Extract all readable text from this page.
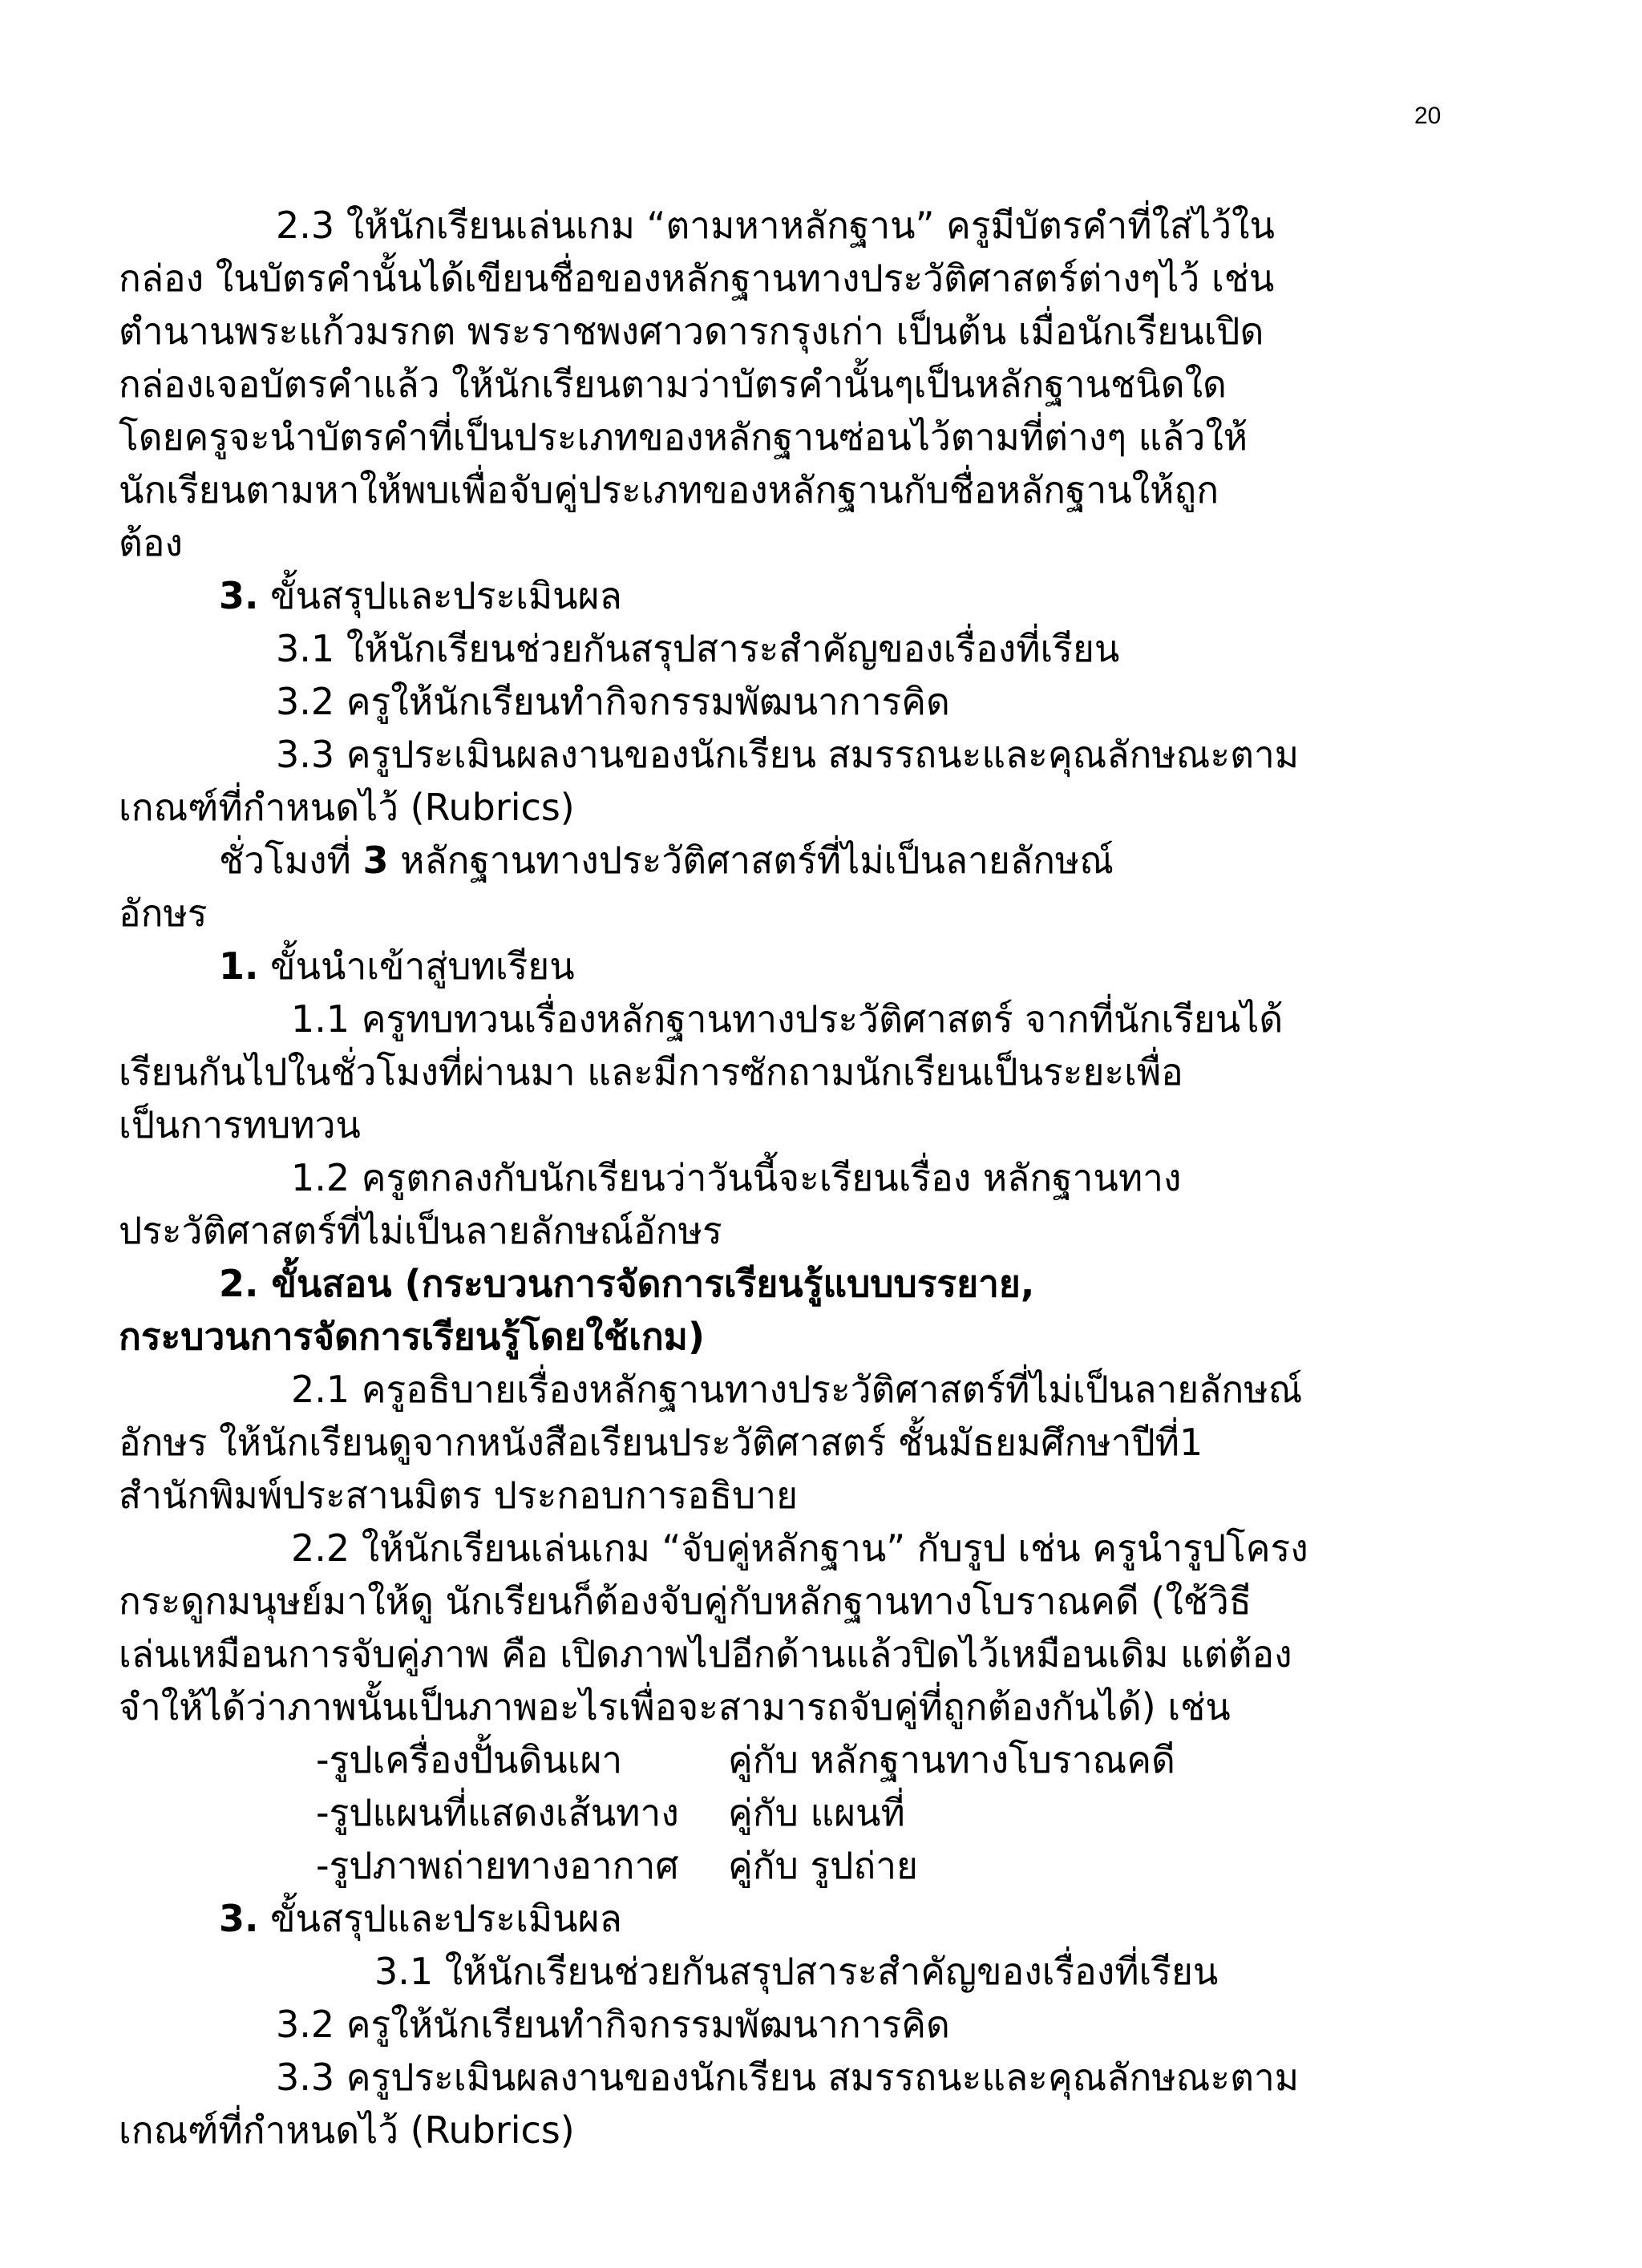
20
2.3 ให้นักเรียนเล่นเกม “ตามหาหลักฐาน” ครูมีบัตรคำที่ใส่ไว้ใน
กล่อง ในบัตรคำนั้นได้เขียนชื่อของหลักฐานทางประวัติศาสตร์ต่างๆไว้ เช่น
ตำนานพระแก้วมรกต พระราชพงศาวดารกรุงเก่า เป็นต้น เมื่อนักเรียนเปิด
กล่องเจอบัตรคำแล้ว ให้นักเรียนตามว่าบัตรคำนั้นๆเป็นหลักฐานชนิดใด
โดยครูจะนำบัตรคำที่เป็นประเภทของหลักฐานซ่อนไว้ตามที่ต่างๆ แล้วให้
นักเรียนตามหาให้พบเพื่อจับคู่ประเภทของหลักฐานกับชื่อหลักฐานให้ถูก
ต้อง
3. ขั้นสรุปและประเมินผล
3.1 ให้นักเรียนช่วยกันสรุปสาระสำคัญของเรื่องที่เรียน
3.2 ครูให้นักเรียนทำกิจกรรมพัฒนาการคิด
3.3 ครูประเมินผลงานของนักเรียน สมรรถนะและคุณลักษณะตาม
เกณฑ์ที่กำหนดไว้ (Rubrics)
ชั่วโมงที่ 3 หลักฐานทางประวัติศาสตร์ที่ไม่เป็นลายลักษณ์
อักษร
1. ขั้นนำเข้าสู่บทเรียน
1.1 ครูทบทวนเรื่องหลักฐานทางประวัติศาสตร์ จากที่นักเรียนได้
เรียนกันไปในชั่วโมงที่ผ่านมา และมีการซักถามนักเรียนเป็นระยะเพื่อ
เป็นการทบทวน
1.2 ครูตกลงกับนักเรียนว่าวันนี้จะเรียนเรื่อง หลักฐานทาง
ประวัติศาสตร์ที่ไม่เป็นลายลักษณ์อักษร
2. ขั้นสอน (กระบวนการจัดการเรียนรู้แบบบรรยาย,
กระบวนการจัดการเรียนรู้โดยใช้เกม)
2.1 ครูอธิบายเรื่องหลักฐานทางประวัติศาสตร์ที่ไม่เป็นลายลักษณ์
อักษร ให้นักเรียนดูจากหนังสือเรียนประวัติศาสตร์ ชั้นมัธยมศึกษาปีที่1
สำนักพิมพ์ประสานมิตร ประกอบการอธิบาย
2.2 ให้นักเรียนเล่นเกม “จับคู่หลักฐาน” กับรูป เช่น ครูนำรูปโครง
กระดูกมนุษย์มาให้ดู นักเรียนก็ต้องจับคู่กับหลักฐานทางโบราณคดี (ใช้วิธี
เล่นเหมือนการจับคู่ภาพ คือ เปิดภาพไปอีกด้านแล้วปิดไว้เหมือนเดิม แต่ต้อง
จำให้ได้ว่าภาพนั้นเป็นภาพอะไรเพื่อจะสามารถจับคู่ที่ถูกต้องกันได้) เช่น
-รูปเครื่องปั้นดินเผา	คู่กับ หลักฐานทางโบราณคดี
-รูปแผนที่แสดงเส้นทาง คู่กับ แผนที่
-รูปภาพถ่ายทางอากาศ คู่กับ รูปถ่าย
3. ขั้นสรุปและประเมินผล
3.1 ให้นักเรียนช่วยกันสรุปสาระสำคัญของเรื่องที่เรียน
3.2 ครูให้นักเรียนทำกิจกรรมพัฒนาการคิด
3.3 ครูประเมินผลงานของนักเรียน สมรรถนะและคุณลักษณะตาม
เกณฑ์ที่กำหนดไว้ (Rubrics)
